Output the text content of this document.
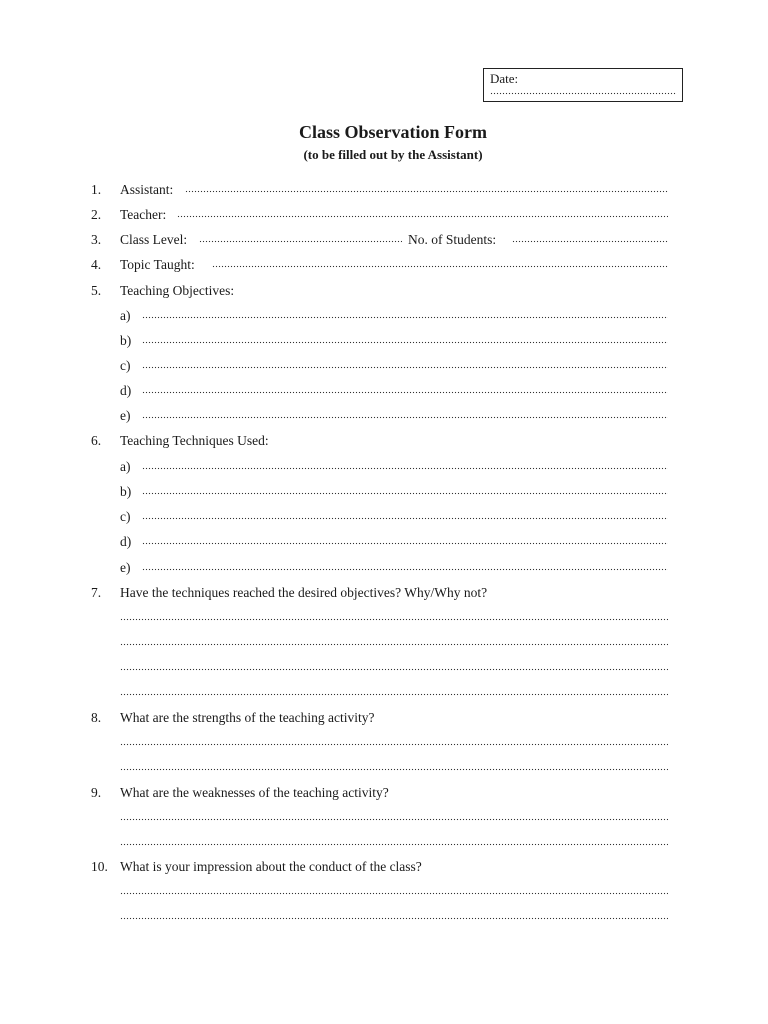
Date:
Class Observation Form
(to be filled out by the Assistant)
1. Assistant:
2. Teacher:
3. Class Level:	No. of Students:
4. Topic Taught:
5. Teaching Objectives:
a)
b)
c)
d)
e)
6. Teaching Techniques Used:
a)
b)
c)
d)
e)
7. Have the techniques reached the desired objectives? Why/Why not?
8. What are the strengths of the teaching activity?
9. What are the weaknesses of the teaching activity?
10. What is your impression about the conduct of the class?
